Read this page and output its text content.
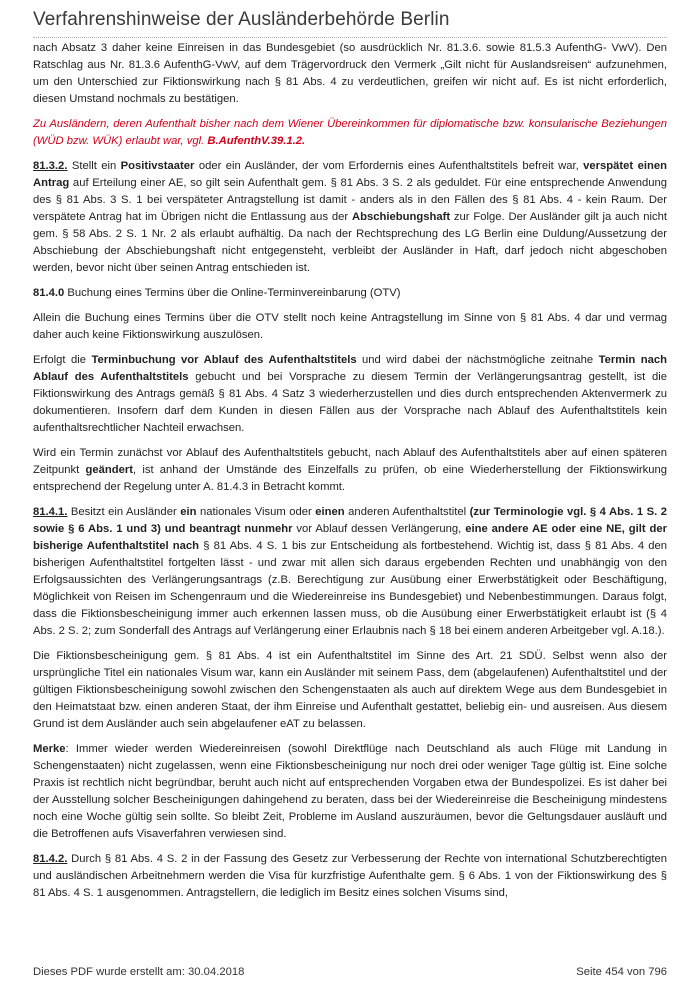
Verfahrenshinweise der Ausländerbehörde Berlin

nach Absatz 3 daher keine Einreisen in das Bundesgebiet (so ausdrücklich Nr. 81.3.6. sowie 81.5.3 AufenthG- VwV). Den Ratschlag aus Nr. 81.3.6 AufenthG-VwV, auf dem Trägervordruck den Vermerk „Gilt nicht für Auslandsreisen“ aufzunehmen, um den Unterschied zur Fiktionswirkung nach § 81 Abs. 4 zu verdeutlichen, greifen wir nicht auf. Es ist nicht erforderlich, diesen Umstand nochmals zu bestätigen.

Zu Ausländern, deren Aufenthalt bisher nach dem Wiener Übereinkommen für diplomatische bzw. konsularische Beziehungen (WÜD bzw. WÜK) erlaubt war, vgl. B.AufenthV.39.1.2.

81.3.2. Stellt ein Positivstaater oder ein Ausländer, der vom Erfordernis eines Aufenthaltstitels befreit war, verspätet einen Antrag auf Erteilung einer AE, so gilt sein Aufenthalt gem. § 81 Abs. 3 S. 2 als geduldet. Für eine entsprechende Anwendung des § 81 Abs. 3 S. 1 bei verspäteter Antragstellung ist damit - anders als in den Fällen des § 81 Abs. 4 - kein Raum. Der verspätete Antrag hat im Übrigen nicht die Entlassung aus der Abschiebungshaft zur Folge. Der Ausländer gilt ja auch nicht gem. § 58 Abs. 2 S. 1 Nr. 2 als erlaubt aufhältig. Da nach der Rechtsprechung des LG Berlin eine Duldung/Aussetzung der Abschiebung der Abschiebungshaft nicht entgegensteht, verbleibt der Ausländer in Haft, darf jedoch nicht abgeschoben werden, bevor nicht über seinen Antrag entschieden ist.

81.4.0 Buchung eines Termins über die Online-Terminvereinbarung (OTV)

Allein die Buchung eines Termins über die OTV stellt noch keine Antragstellung im Sinne von § 81 Abs. 4 dar und vermag daher auch keine Fiktionswirkung auszulösen.

Erfolgt die Terminbuchung vor Ablauf des Aufenthaltstitels und wird dabei der nächstmögliche zeitnahe Termin nach Ablauf des Aufenthaltstitels gebucht und bei Vorsprache zu diesem Termin der Verlängerungsantrag gestellt, ist die Fiktionswirkung des Antrags gemäß § 81 Abs. 4 Satz 3 wiederherzustellen und dies durch entsprechenden Aktenvermerk zu dokumentieren. Insofern darf dem Kunden in diesen Fällen aus der Vorsprache nach Ablauf des Aufenthaltstitels kein aufenthaltsrechtlicher Nachteil erwachsen.

Wird ein Termin zunächst vor Ablauf des Aufenthaltstitels gebucht, nach Ablauf des Aufenthaltstitels aber auf einen späteren Zeitpunkt geändert, ist anhand der Umstände des Einzelfalls zu prüfen, ob eine Wiederherstellung der Fiktionswirkung entsprechend der Regelung unter A. 81.4.3 in Betracht kommt.

81.4.1. Besitzt ein Ausländer ein nationales Visum oder einen anderen Aufenthaltstitel (zur Terminologie vgl. § 4 Abs. 1 S. 2 sowie § 6 Abs. 1 und 3) und beantragt nunmehr vor Ablauf dessen Verlängerung, eine andere AE oder eine NE, gilt der bisherige Aufenthaltstitel nach § 81 Abs. 4 S. 1 bis zur Entscheidung als fortbestehend. Wichtig ist, dass § 81 Abs. 4 den bisherigen Aufenthaltstitel fortgelten lässt - und zwar mit allen sich daraus ergebenden Rechten und unabhängig von den Erfolgsaussichten des Verlängerungsantrags (z.B. Berechtigung zur Ausübung einer Erwerbstätigkeit oder Beschäftigung, Möglichkeit von Reisen im Schengenraum und die Wiedereinreise ins Bundesgebiet) und Nebenbestimmungen. Daraus folgt, dass die Fiktionsbescheinigung immer auch erkennen lassen muss, ob die Ausübung einer Erwerbstätigkeit erlaubt ist (§ 4 Abs. 2 S. 2; zum Sonderfall des Antrags auf Verlängerung einer Erlaubnis nach § 18 bei einem anderen Arbeitgeber vgl. A.18.).

Die Fiktionsbescheinigung gem. § 81 Abs. 4 ist ein Aufenthaltstitel im Sinne des Art. 21 SDÜ. Selbst wenn also der ursprüngliche Titel ein nationales Visum war, kann ein Ausländer mit seinem Pass, dem (abgelaufenen) Aufenthaltstitel und der gültigen Fiktionsbescheinigung sowohl zwischen den Schengenstaaten als auch auf direktem Wege aus dem Bundesgebiet in den Heimatstaat bzw. einen anderen Staat, der ihm Einreise und Aufenthalt gestattet, beliebig ein- und ausreisen. Aus diesem Grund ist dem Ausländer auch sein abgelaufener eAT zu belassen.

Merke: Immer wieder werden Wiedereinreisen (sowohl Direktflüge nach Deutschland als auch Flüge mit Landung in Schengenstaaten) nicht zugelassen, wenn eine Fiktionsbescheinigung nur noch drei oder weniger Tage gültig ist. Eine solche Praxis ist rechtlich nicht begründbar, beruht auch nicht auf entsprechenden Vorgaben etwa der Bundespolizei. Es ist daher bei der Ausstellung solcher Bescheinigungen dahingehend zu beraten, dass bei der Wiedereinreise die Bescheinigung mindestens noch eine Woche gültig sein sollte. So bleibt Zeit, Probleme im Ausland auszuräumen, bevor die Geltungsdauer ausläuft und die Betroffenen aufs Visaverfahren verwiesen sind.

81.4.2. Durch § 81 Abs. 4 S. 2 in der Fassung des Gesetz zur Verbesserung der Rechte von international Schutzberechtigten und ausländischen Arbeitnehmern werden die Visa für kurzfristige Aufenthalte gem. § 6 Abs. 1 von der Fiktionswirkung des § 81 Abs. 4 S. 1 ausgenommen. Antragstellern, die lediglich im Besitz eines solchen Visums sind,

Dieses PDF wurde erstellt am: 30.04.2018	Seite 454 von 796
